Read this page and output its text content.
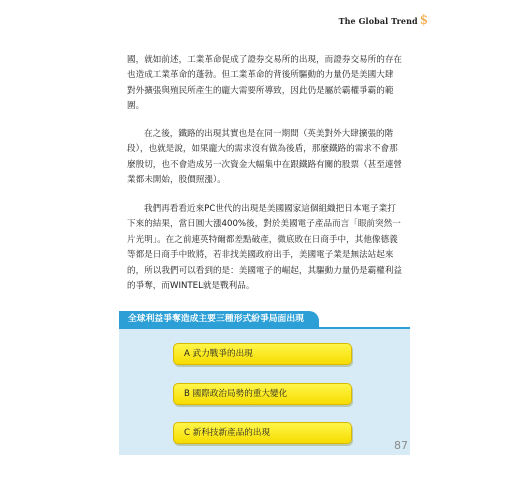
The Global Trend $
國，就如前述，工業革命促成了證券交易所的出現，而證券交易所的存在
也造成工業革命的蓬勃。但工業革命的背後所驅動的力量仍是美國大肆
對外擴張與殖民所產生的龐大需要所導致，因此仍是屬於霸權爭霸的範
圍。
在之後，鐵路的出現其實也是在同一期間（英美對外大肆擴張的階
段），也就是說，如果龐大的需求沒有做為後盾，那麼鐵路的需求不會那
麼殷切，也不會造成另一次資金大幅集中在跟鐵路有關的股票（甚至連營
業都未開始，股價照漲）。
我們再看看近來PC世代的出現是美國國家這個組織把日本電子業打
下來的結果，當日圓大漲400%後，對於美國電子產品而言「眼前突然一
片光明」。在之前連英特爾都差點破產，微底敗在日商手中，其他像德義
等都是日商手中敗將，若非找美國政府出手，美國電子業是無法站起來
的，所以我們可以看到的是：美國電子的崛起，其驅動力量仍是霸權利益
的爭奪，而WINTEL就是戰利品。
全球利益爭奪造成主要三種形式紛爭局面出現
A 武力戰爭的出現
B 國際政治局勢的重大變化
C 新科技新產品的出現
87
